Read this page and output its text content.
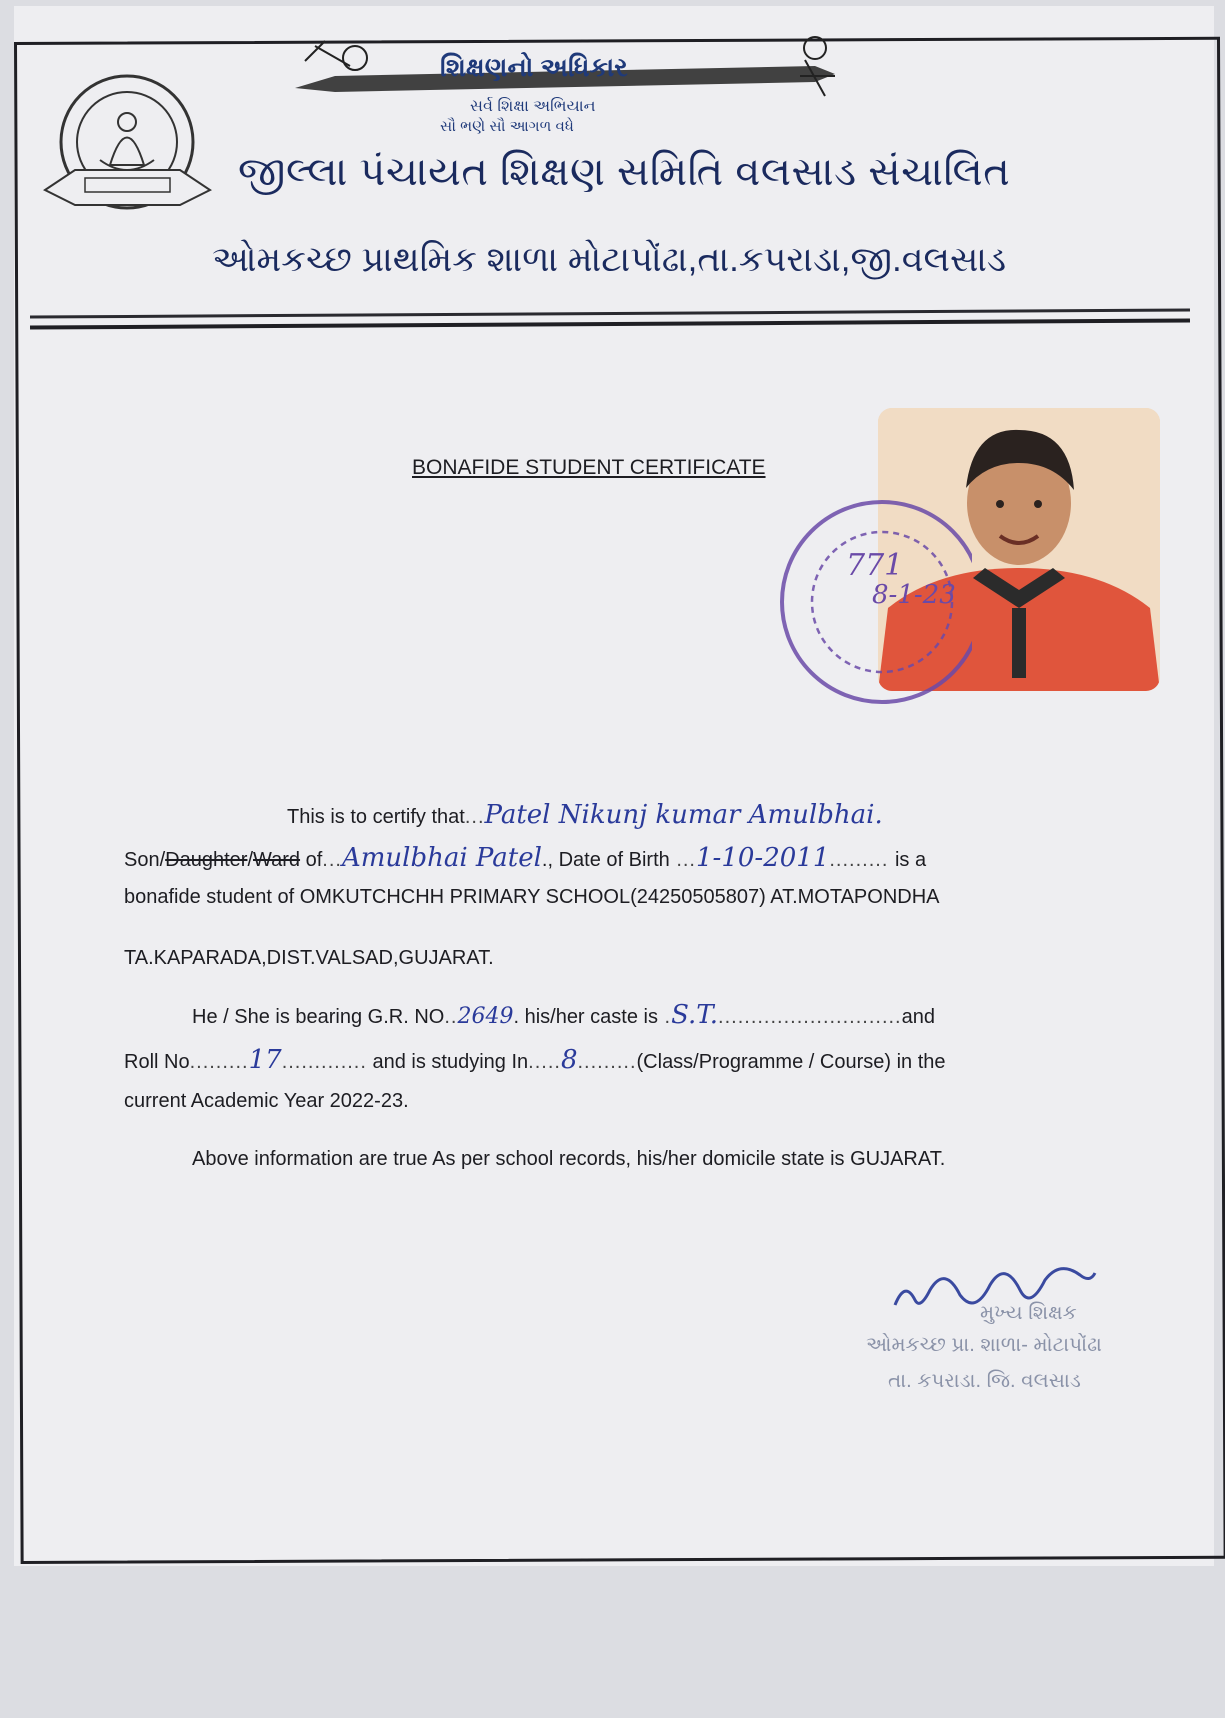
શિક્ષણનો અધિકાર
સર્વ શિક્ષા અભિયાન
સૌ ભણે સૌ આગળ વધે
જીલ્લા પંચાયત શિક્ષણ સમિતિ વલસાડ સંચાલિત
ઓમકચ્છ પ્રાથમિક શાળા મોટાપોંઢા,તા.કપરાડા,જી.વલસાડ
BONAFIDE STUDENT CERTIFICATE
771
8-1-23
This is to certify that...Patel Nikunj kumar Amulbhai.
Son/Daughter/Ward of...Amulbhai Patel., Date of Birth ...1-10-2011......... is a
bonafide student of OMKUTCHCHH PRIMARY SCHOOL(24250505807) AT.MOTAPONDHA
TA.KAPARADA,DIST.VALSAD,GUJARAT.
He / She is bearing G.R. NO..2649. his/her caste is .S.T.............................and
Roll No.........17............. and is studying In.....8.........(Class/Programme / Course) in the
current Academic Year 2022-23.
Above information are true As per school records, his/her domicile state is GUJARAT.
મુખ્ય શિક્ષક
ઓમકચ્છ પ્રા. શાળા- મોટાપોંઢા
તા. કપરાડા. જિ. વલસાડ
